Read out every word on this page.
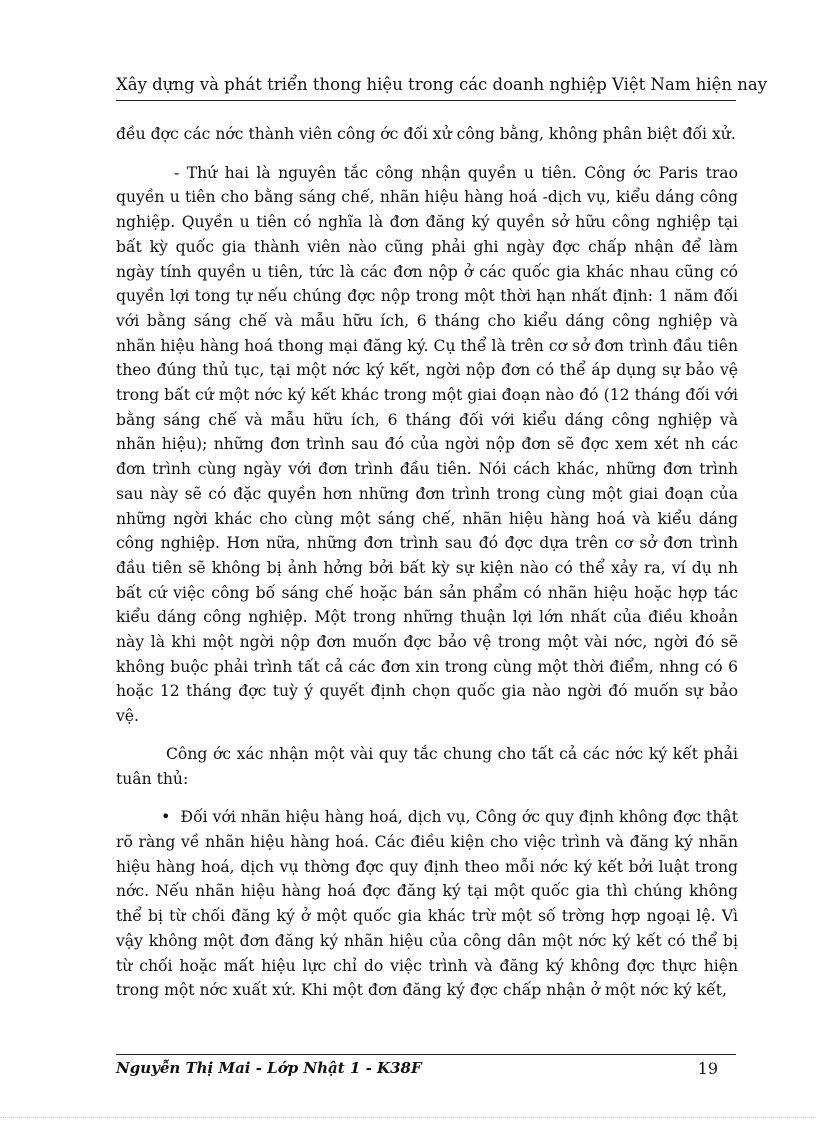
Xây dựng và phát triển thong hiệu trong các doanh nghiệp Việt Nam hiện nay

đều đợc các nớc thành viên công ớc đối xử công bằng, không phân biệt đối xử.

- Thứ hai là nguyên tắc công nhận quyền u tiên. Công ớc Paris trao quyền u tiên cho bằng sáng chế, nhãn hiệu hàng hoá -dịch vụ, kiểu dáng công nghiệp. Quyền u tiên có nghĩa là đơn đăng ký quyền sở hữu công nghiệp tại bất kỳ quốc gia thành viên nào cũng phải ghi ngày đợc chấp nhận để làm ngày tính quyền u tiên, tức là các đơn nộp ở các quốc gia khác nhau cũng có quyền lợi tong tự nếu chúng đợc nộp trong một thời hạn nhất định: 1 năm đối với bằng sáng chế và mẫu hữu ích, 6 tháng cho kiểu dáng công nghiệp và nhãn hiệu hàng hoá thong mại đăng ký. Cụ thể là trên cơ sở đơn trình đầu tiên theo đúng thủ tục, tại một nớc ký kết, ngời nộp đơn có thể áp dụng sự bảo vệ trong bất cứ một nớc ký kết khác trong một giai đoạn nào đó (12 tháng đối với bằng sáng chế và mẫu hữu ích, 6 tháng đối với kiểu dáng công nghiệp và nhãn hiệu); những đơn trình sau đó của ngời nộp đơn sẽ đợc xem xét nh các đơn trình cùng ngày với đơn trình đầu tiên. Nói cách khác, những đơn trình sau này sẽ có đặc quyền hơn những đơn trình trong cùng một giai đoạn của những ngời khác cho cùng một sáng chế, nhãn hiệu hàng hoá và kiểu dáng công nghiệp. Hơn nữa, những đơn trình sau đó đợc dựa trên cơ sở đơn trình đầu tiên sẽ không bị ảnh hởng bởi bất kỳ sự kiện nào có thể xảy ra, ví dụ nh bất cứ việc công bố sáng chế hoặc bán sản phẩm có nhãn hiệu hoặc hợp tác kiểu dáng công nghiệp. Một trong những thuận lợi lớn nhất của điều khoản này là khi một ngời nộp đơn muốn đợc bảo vệ trong một vài nớc, ngời đó sẽ không buộc phải trình tất cả các đơn xin trong cùng một thời điểm, nhng có 6 hoặc 12 tháng đợc tuỳ ý quyết định chọn quốc gia nào ngời đó muốn sự bảo vệ.

Công ớc xác nhận một vài quy tắc chung cho tất cả các nớc ký kết phải tuân thủ:

• Đối với nhãn hiệu hàng hoá, dịch vụ, Công ớc quy định không đợc thật rõ ràng về nhãn hiệu hàng hoá. Các điều kiện cho việc trình và đăng ký nhãn hiệu hàng hoá, dịch vụ thờng đợc quy định theo mỗi nớc ký kết bởi luật trong nớc. Nếu nhãn hiệu hàng hoá đợc đăng ký tại một quốc gia thì chúng không thể bị từ chối đăng ký ở một quốc gia khác trừ một số trờng hợp ngoại lệ. Vì vậy không một đơn đăng ký nhãn hiệu của công dân một nớc ký kết có thể bị từ chối hoặc mất hiệu lực chỉ do việc trình và đăng ký không đợc thực hiện trong một nớc xuất xứ. Khi một đơn đăng ký đợc chấp nhận ở một nớc ký kết,

Nguyễn Thị Mai - Lớp Nhật 1 - K38F	19
